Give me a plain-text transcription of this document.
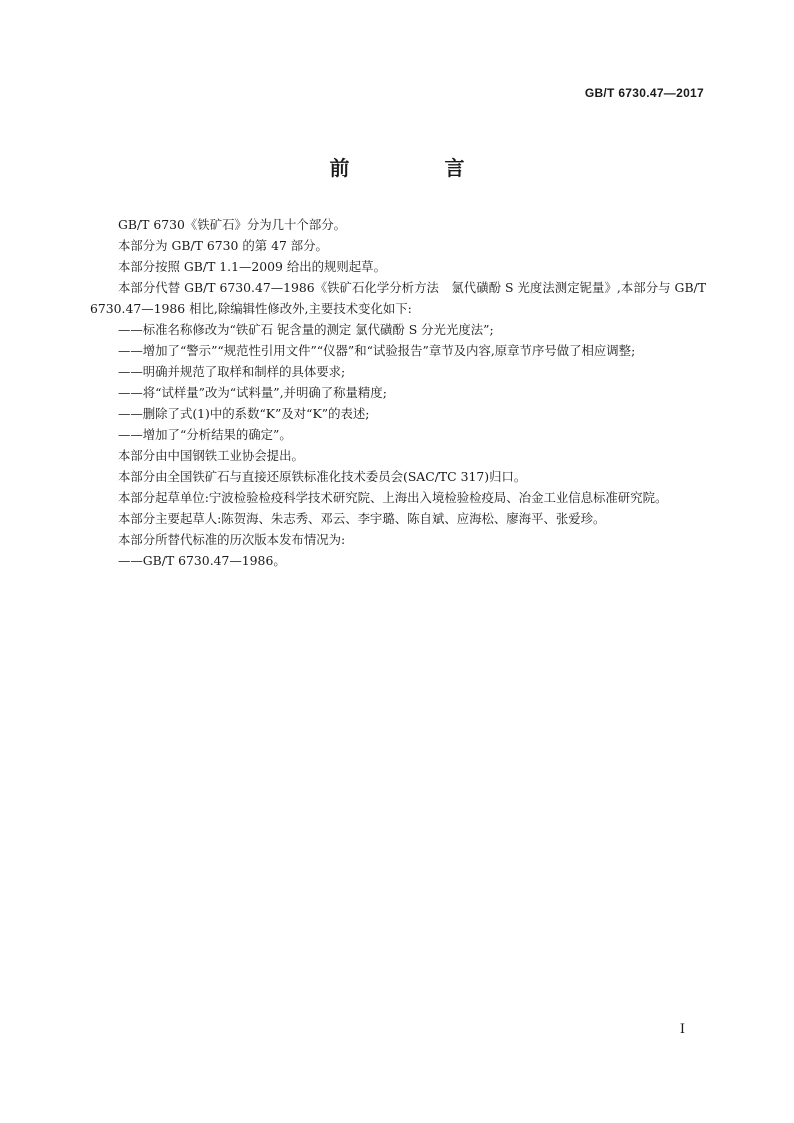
GB/T 6730.47—2017
前 言

GB/T 6730《铁矿石》分为几十个部分。

本部分为 GB/T 6730 的第 47 部分。

本部分按照 GB/T 1.1—2009 给出的规则起草。

本部分代替 GB/T 6730.47—1986《铁矿石化学分析方法　氯代磺酚 S 光度法测定铌量》,本部分与 GB/T 6730.47—1986 相比,除编辑性修改外,主要技术变化如下:

——标准名称修改为“铁矿石 铌含量的测定 氯代磺酚 S 分光光度法”;

——增加了“警示”“规范性引用文件”“仪器”和“试验报告”章节及内容,原章节序号做了相应调整;

——明确并规范了取样和制样的具体要求;

——将“试样量”改为“试料量”,并明确了称量精度;

——删除了式(1)中的系数“K”及对“K”的表述;

——增加了“分析结果的确定”。

本部分由中国钢铁工业协会提出。

本部分由全国铁矿石与直接还原铁标准化技术委员会(SAC/TC 317)归口。

本部分起草单位:宁波检验检疫科学技术研究院、上海出入境检验检疫局、冶金工业信息标准研究院。

本部分主要起草人:陈贺海、朱志秀、邓云、李宇璐、陈自斌、应海松、廖海平、张爱珍。

本部分所替代标准的历次版本发布情况为:

——GB/T 6730.47—1986。

I
